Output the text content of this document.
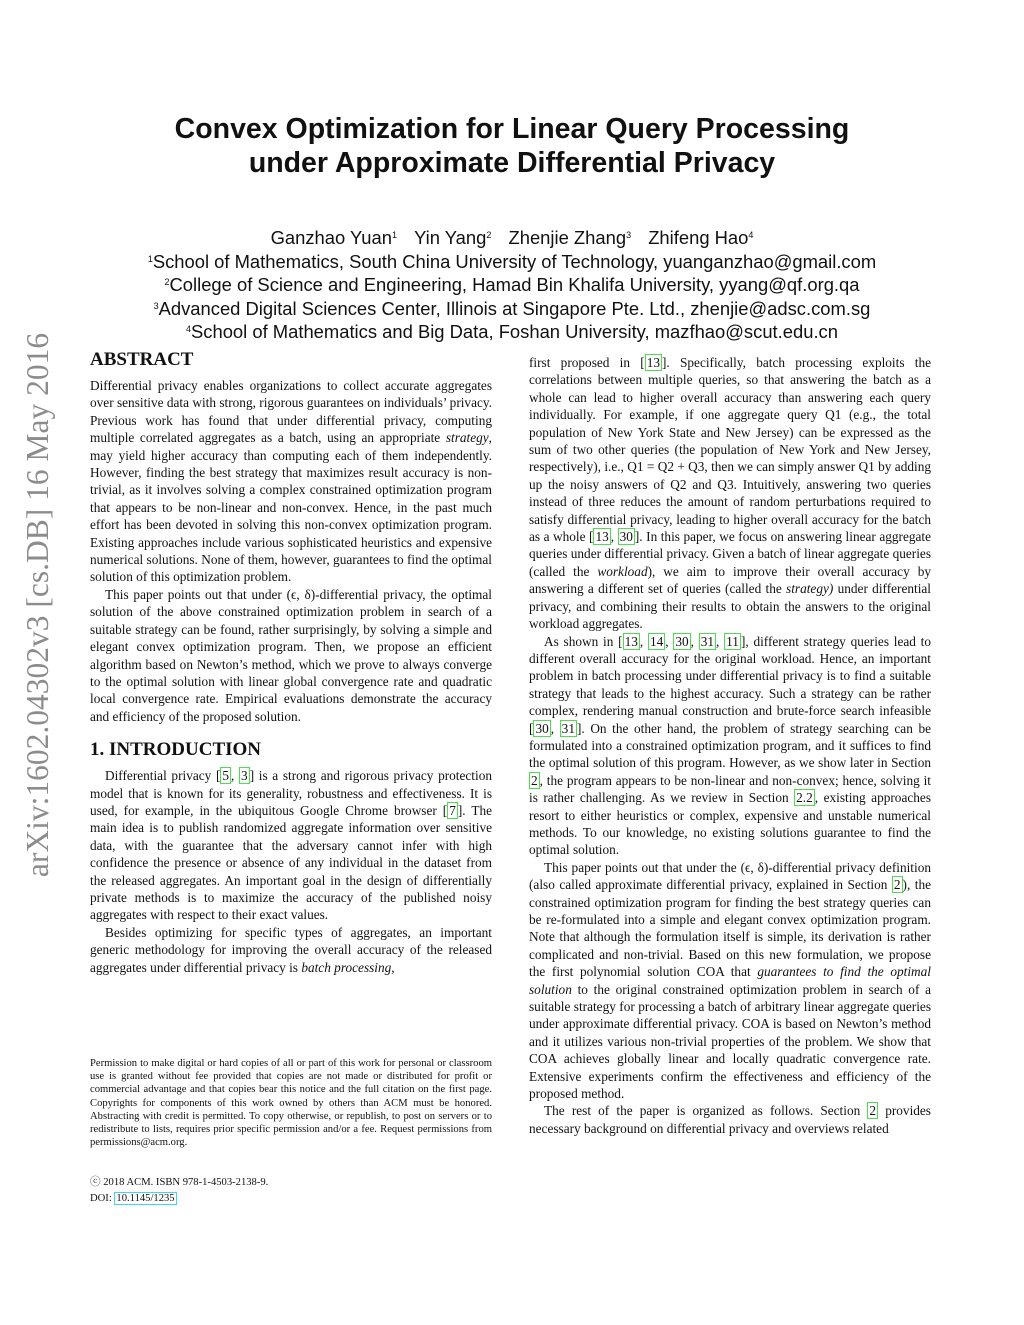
arXiv:1602.04302v3 [cs.DB] 16 May 2016
Convex Optimization for Linear Query Processing
under Approximate Differential Privacy
Ganzhao Yuan$^1$ Yin Yang$^2$ Zhenjie Zhang$^3$ Zhifeng Hao$^4$
$^1$School of Mathematics, South China University of Technology, yuanganzhao@gmail.com
$^2$College of Science and Engineering, Hamad Bin Khalifa University, yyang@qf.org.qa
$^3$Advanced Digital Sciences Center, Illinois at Singapore Pte. Ltd., zhenjie@adsc.com.sg
$^4$School of Mathematics and Big Data, Foshan University, mazfhao@scut.edu.cn
ABSTRACT

Differential privacy enables organizations to collect accurate aggregates over sensitive data with strong, rigorous guarantees on individuals’ privacy. Previous work has found that under differential privacy, computing multiple correlated aggregates as a batch, using an appropriate strategy, may yield higher accuracy than computing each of them independently. However, finding the best strategy that maximizes result accuracy is non-trivial, as it involves solving a complex constrained optimization program that appears to be non-linear and non-convex. Hence, in the past much effort has been devoted in solving this non-convex optimization program. Existing approaches include various sophisticated heuristics and expensive numerical solutions. None of them, however, guarantees to find the optimal solution of this optimization problem.

This paper points out that under (ϵ, δ)-differential privacy, the optimal solution of the above constrained optimization problem in search of a suitable strategy can be found, rather surprisingly, by solving a simple and elegant convex optimization program. Then, we propose an efficient algorithm based on Newton’s method, which we prove to always converge to the optimal solution with linear global convergence rate and quadratic local convergence rate. Empirical evaluations demonstrate the accuracy and efficiency of the proposed solution.

1. INTRODUCTION

Differential privacy [ 5 , 3 ] is a strong and rigorous privacy protection model that is known for its generality, robustness and effectiveness. It is used, for example, in the ubiquitous Google Chrome browser [ 7 ]. The main idea is to publish randomized aggregate information over sensitive data, with the guarantee that the adversary cannot infer with high confidence the presence or absence of any individual in the dataset from the released aggregates. An important goal in the design of differentially private methods is to maximize the accuracy of the published noisy aggregates with respect to their exact values.

Besides optimizing for specific types of aggregates, an important generic methodology for improving the overall accuracy of the released aggregates under differential privacy is batch processing,

Permission to make digital or hard copies of all or part of this work for personal or classroom use is granted without fee provided that copies are not made or distributed for profit or commercial advantage and that copies bear this notice and the full citation on the first page. Copyrights for components of this work owned by others than ACM must be honored. Abstracting with credit is permitted. To copy otherwise, or republish, to post on servers or to redistribute to lists, requires prior specific permission and/or a fee. Request permissions from permissions@acm.org.
ⓒ 2018 ACM. ISBN 978-1-4503-2138-9.
DOI: 10.1145/1235

first proposed in [ 13 ]. Specifically, batch processing exploits the correlations between multiple queries, so that answering the batch as a whole can lead to higher overall accuracy than answering each query individually. For example, if one aggregate query Q1 (e.g., the total population of New York State and New Jersey) can be expressed as the sum of two other queries (the population of New York and New Jersey, respectively), i.e., Q1 = Q2 + Q3, then we can simply answer Q1 by adding up the noisy answers of Q2 and Q3. Intuitively, answering two queries instead of three reduces the amount of random perturbations required to satisfy differential privacy, leading to higher overall accuracy for the batch as a whole [ 13 , 30 ]. In this paper, we focus on answering linear aggregate queries under differential privacy. Given a batch of linear aggregate queries (called the workload), we aim to improve their overall accuracy by answering a different set of queries (called the strategy) under differential privacy, and combining their results to obtain the answers to the original workload aggregates.

As shown in [ 13 , 14 , 30 , 31 , 11 ], different strategy queries lead to different overall accuracy for the original workload. Hence, an important problem in batch processing under differential privacy is to find a suitable strategy that leads to the highest accuracy. Such a strategy can be rather complex, rendering manual construction and brute-force search infeasible [ 30 , 31 ]. On the other hand, the problem of strategy searching can be formulated into a constrained optimization program, and it suffices to find the optimal solution of this program. However, as we show later in Section 2 , the program appears to be non-linear and non-convex; hence, solving it is rather challenging. As we review in Section 2.2 , existing approaches resort to either heuristics or complex, expensive and unstable numerical methods. To our knowledge, no existing solutions guarantee to find the optimal solution.

This paper points out that under the (ϵ, δ)-differential privacy definition (also called approximate differential privacy, explained in Section 2 ), the constrained optimization program for finding the best strategy queries can be re-formulated into a simple and elegant convex optimization program. Note that although the formulation itself is simple, its derivation is rather complicated and non-trivial. Based on this new formulation, we propose the first polynomial solution COA that guarantees to find the optimal solution to the original constrained optimization problem in search of a suitable strategy for processing a batch of arbitrary linear aggregate queries under approximate differential privacy. COA is based on Newton’s method and it utilizes various non-trivial properties of the problem. We show that COA achieves globally linear and locally quadratic convergence rate. Extensive experiments confirm the effectiveness and efficiency of the proposed method.

The rest of the paper is organized as follows. Section 2 provides necessary background on differential privacy and overviews related
